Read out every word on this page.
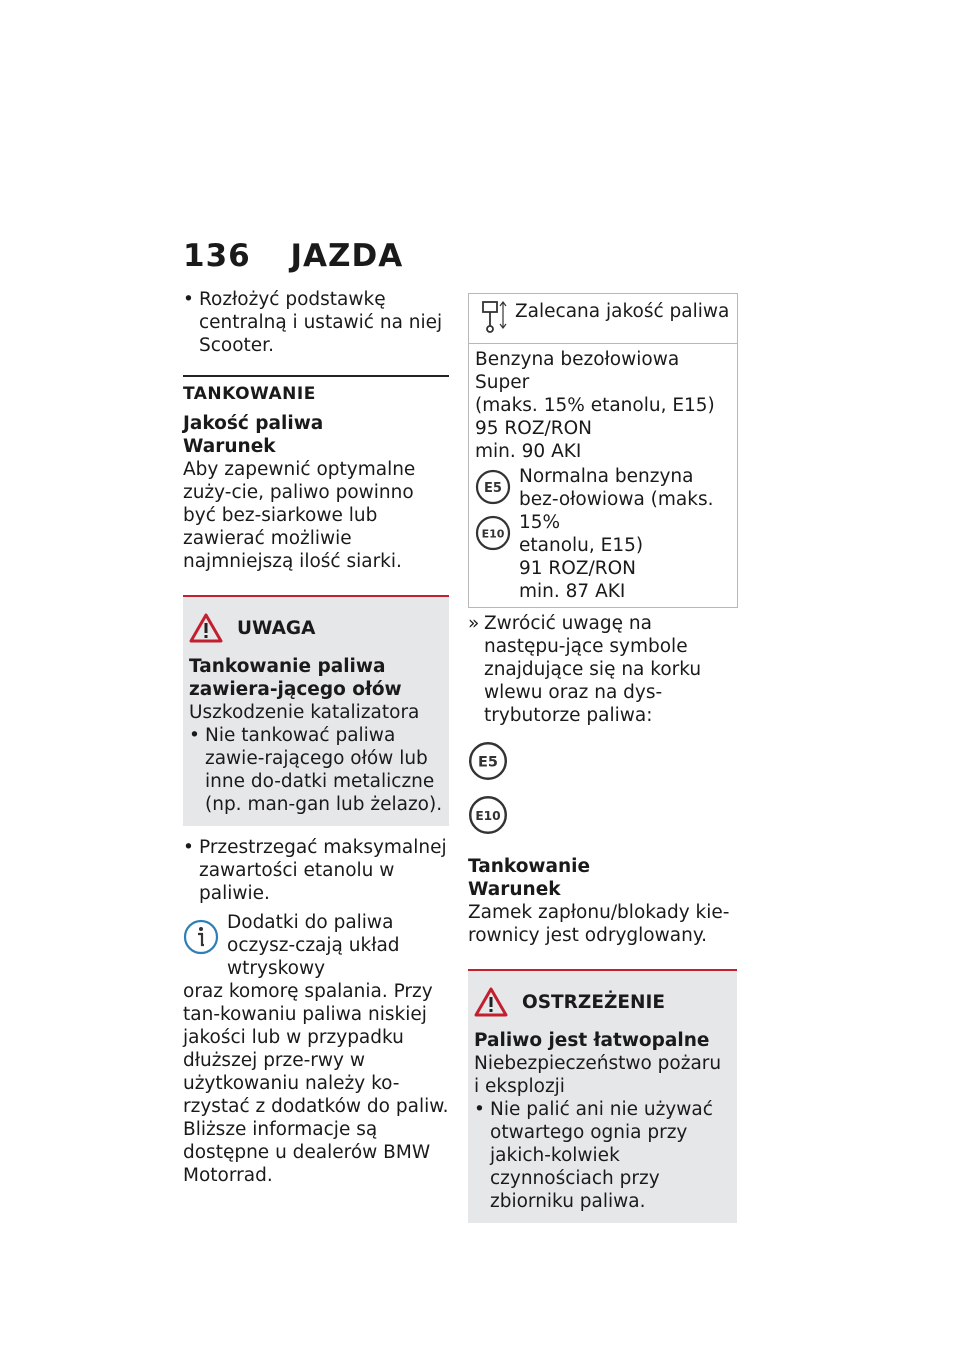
136 JAZDA
• Rozłożyć podstawkę centralną i ustawić na niej Scooter.

TANKOWANIE

Jakość paliwa

Warunek

Aby zapewnić optymalne zuży-cie, paliwo powinno być bez-siarkowe lub zawierać możliwie najmniejszą ilość siarki.

UWAGA

Tankowanie paliwa zawiera-jącego ołów

Uszkodzenie katalizatora

• Nie tankować paliwa zawie-rającego ołów lub inne do-datki metaliczne (np. man-gan lub żelazo).
• Przestrzegać maksymalnej zawartości etanolu w paliwie.

Dodatki do paliwa oczysz-czają układ wtryskowy

oraz komorę spalania. Przy tan-kowaniu paliwa niskiej jakości lub w przypadku dłuższej prze-rwy w użytkowaniu należy ko-rzystać z dodatków do paliw. Bliższe informacje są dostępne u dealerów BMW Motorrad.

Zalecana jakość paliwa

Benzyna bezołowiowa Super

(maks. 15% etanolu, E15)

95 ROZ/RON

min. 90 AKI

E5
E10

Normalna benzyna bez-ołowiowa (maks. 15%

etanolu, E15)

91 ROZ/RON

min. 87 AKI

» Zwrócić uwagę na następu-jące symbole znajdujące się na korku wlewu oraz na dys-trybutorze paliwa:
E5
E10

Tankowanie

Warunek

Zamek zapłonu/blokady kie-rownicy jest odryglowany.

OSTRZEŻENIE

Paliwo jest łatwopalne

Niebezpieczeństwo pożaru i eksplozji

• Nie palić ani nie używać otwartego ognia przy jakich-kolwiek czynnościach przy zbiorniku paliwa.
